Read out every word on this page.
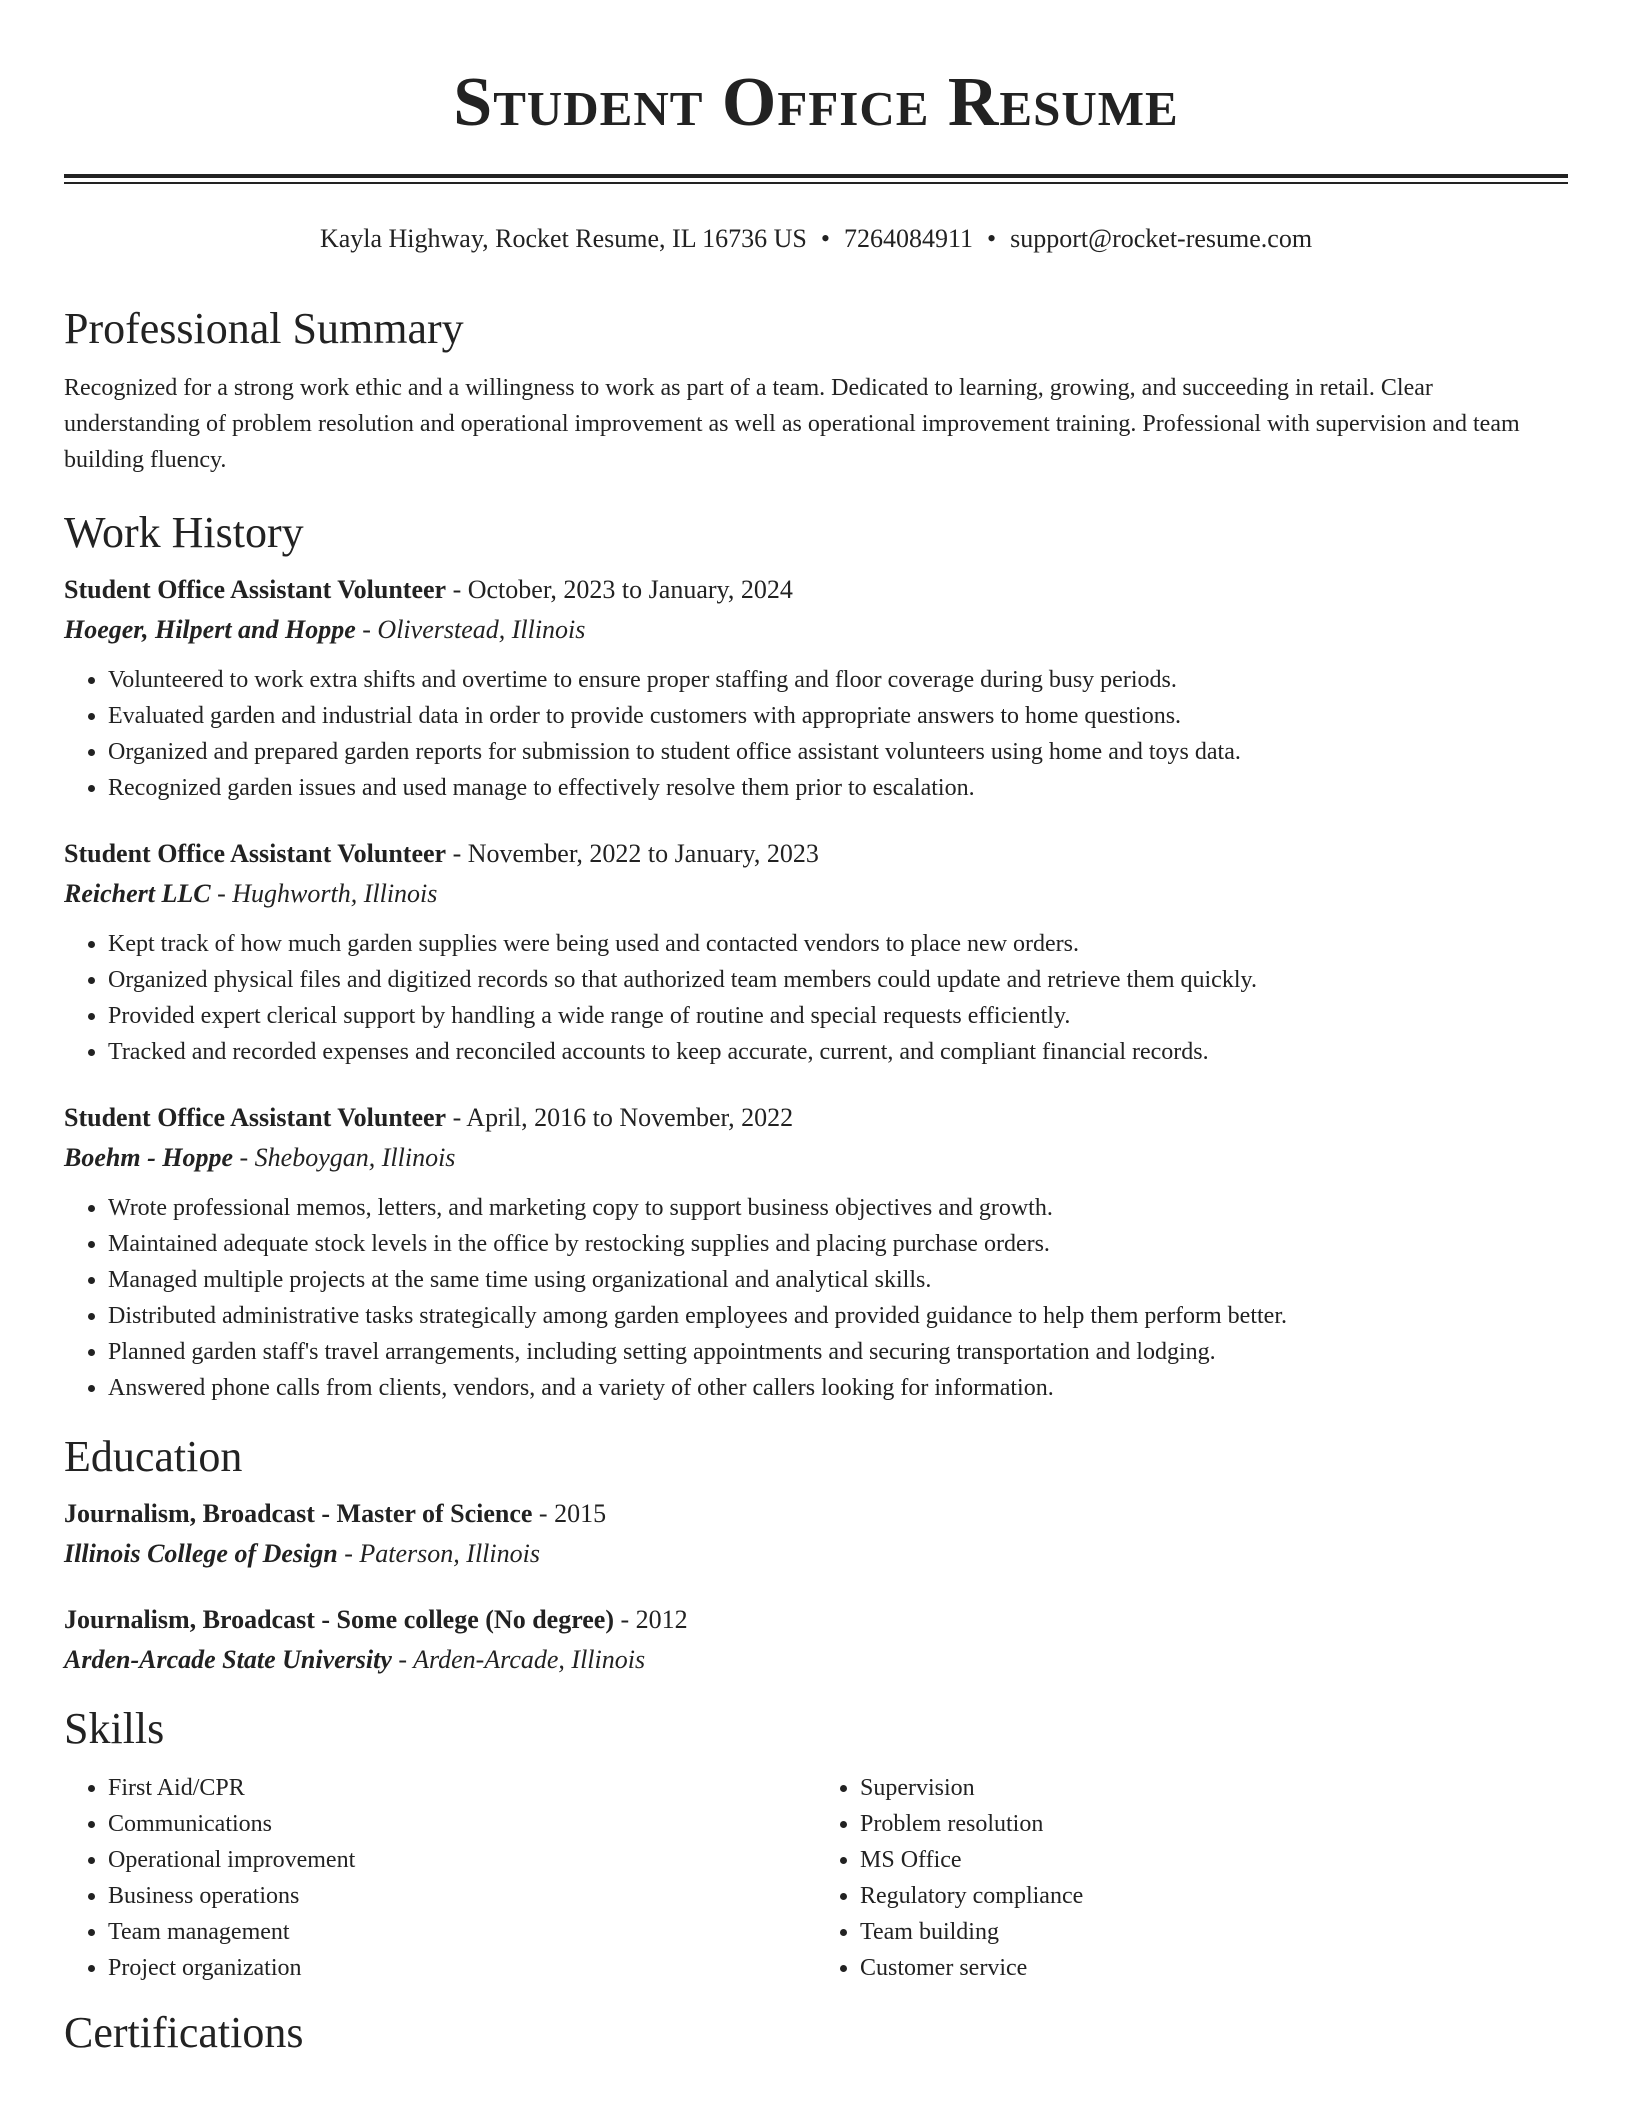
Student Office Resume
Kayla Highway, Rocket Resume, IL 16736 US • 7264084911 • support@rocket-resume.com
Professional Summary

Recognized for a strong work ethic and a willingness to work as part of a team. Dedicated to learning, growing, and succeeding in retail. Clear understanding of problem resolution and operational improvement as well as operational improvement training. Professional with supervision and team building fluency.

Work History
Student Office Assistant Volunteer - October, 2023 to January, 2024
Hoeger, Hilpert and Hoppe - Oliverstead, Illinois
• Volunteered to work extra shifts and overtime to ensure proper staffing and floor coverage during busy periods.
• Evaluated garden and industrial data in order to provide customers with appropriate answers to home questions.
• Organized and prepared garden reports for submission to student office assistant volunteers using home and toys data.
• Recognized garden issues and used manage to effectively resolve them prior to escalation.
Student Office Assistant Volunteer - November, 2022 to January, 2023
Reichert LLC - Hughworth, Illinois
• Kept track of how much garden supplies were being used and contacted vendors to place new orders.
• Organized physical files and digitized records so that authorized team members could update and retrieve them quickly.
• Provided expert clerical support by handling a wide range of routine and special requests efficiently.
• Tracked and recorded expenses and reconciled accounts to keep accurate, current, and compliant financial records.
Student Office Assistant Volunteer - April, 2016 to November, 2022
Boehm - Hoppe - Sheboygan, Illinois
• Wrote professional memos, letters, and marketing copy to support business objectives and growth.
• Maintained adequate stock levels in the office by restocking supplies and placing purchase orders.
• Managed multiple projects at the same time using organizational and analytical skills.
• Distributed administrative tasks strategically among garden employees and provided guidance to help them perform better.
• Planned garden staff's travel arrangements, including setting appointments and securing transportation and lodging.
• Answered phone calls from clients, vendors, and a variety of other callers looking for information.
Education
Journalism, Broadcast - Master of Science - 2015
Illinois College of Design - Paterson, Illinois
Journalism, Broadcast - Some college (No degree) - 2012
Arden-Arcade State University - Arden-Arcade, Illinois
Skills
• First Aid/CPR
• Communications
• Operational improvement
• Business operations
• Team management
• Project organization
• Supervision
• Problem resolution
• MS Office
• Regulatory compliance
• Team building
• Customer service
Certifications
